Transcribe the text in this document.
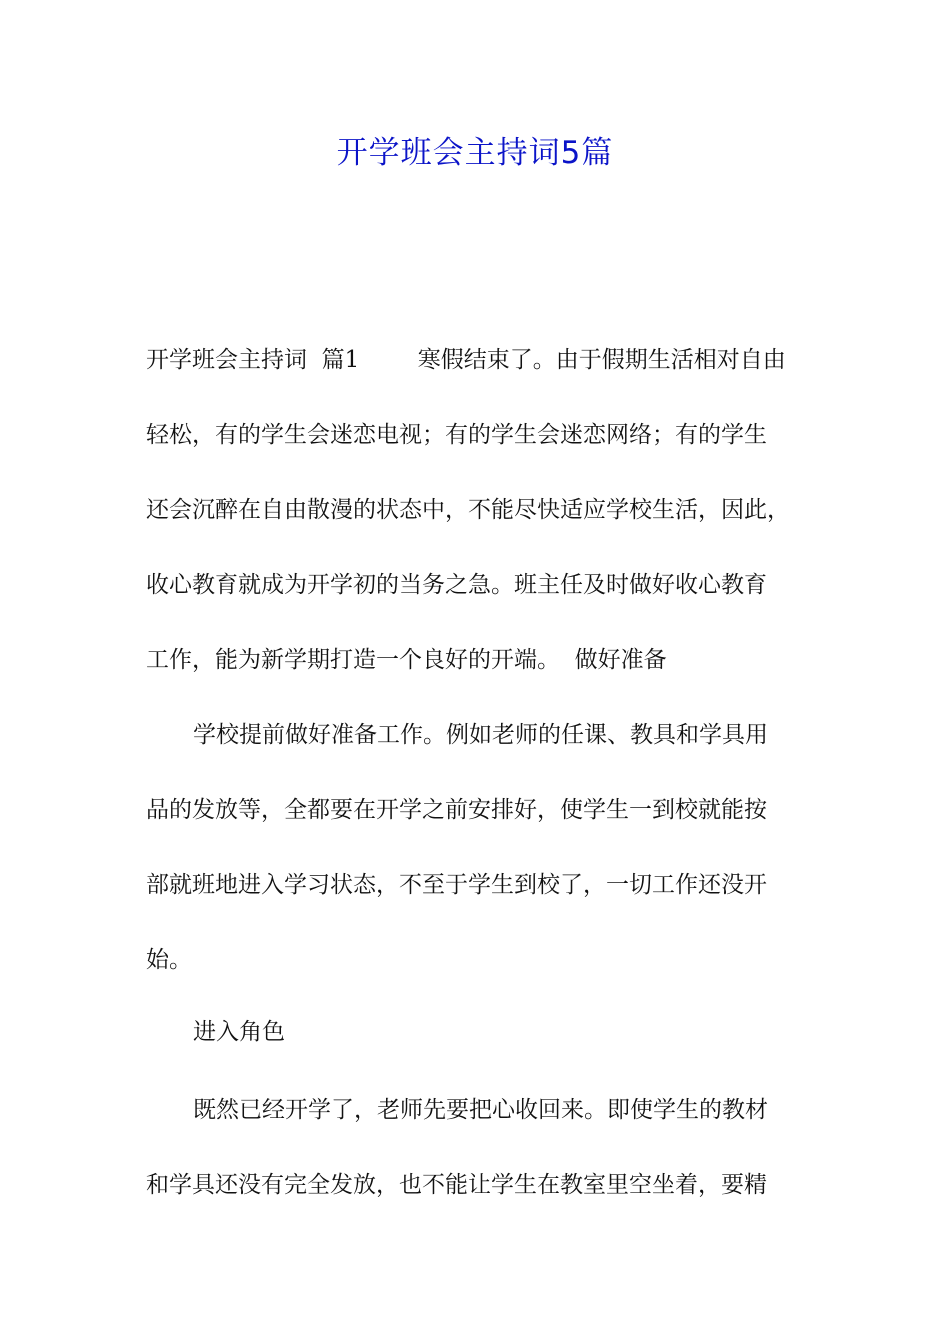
开学班会主持词5篇

开学班会主持词  篇1        寒假结束了。由于假期生活相对自由

轻松，有的学生会迷恋电视；有的学生会迷恋网络；有的学生

还会沉醉在自由散漫的状态中，不能尽快适应学校生活，因此，

收心教育就成为开学初的当务之急。班主任及时做好收心教育

工作，能为新学期打造一个良好的开端。  做好准备

学校提前做好准备工作。例如老师的任课、教具和学具用

品的发放等，全都要在开学之前安排好，使学生一到校就能按

部就班地进入学习状态，不至于学生到校了，一切工作还没开

始。

进入角色

既然已经开学了，老师先要把心收回来。即使学生的教材

和学具还没有完全发放，也不能让学生在教室里空坐着，要精
